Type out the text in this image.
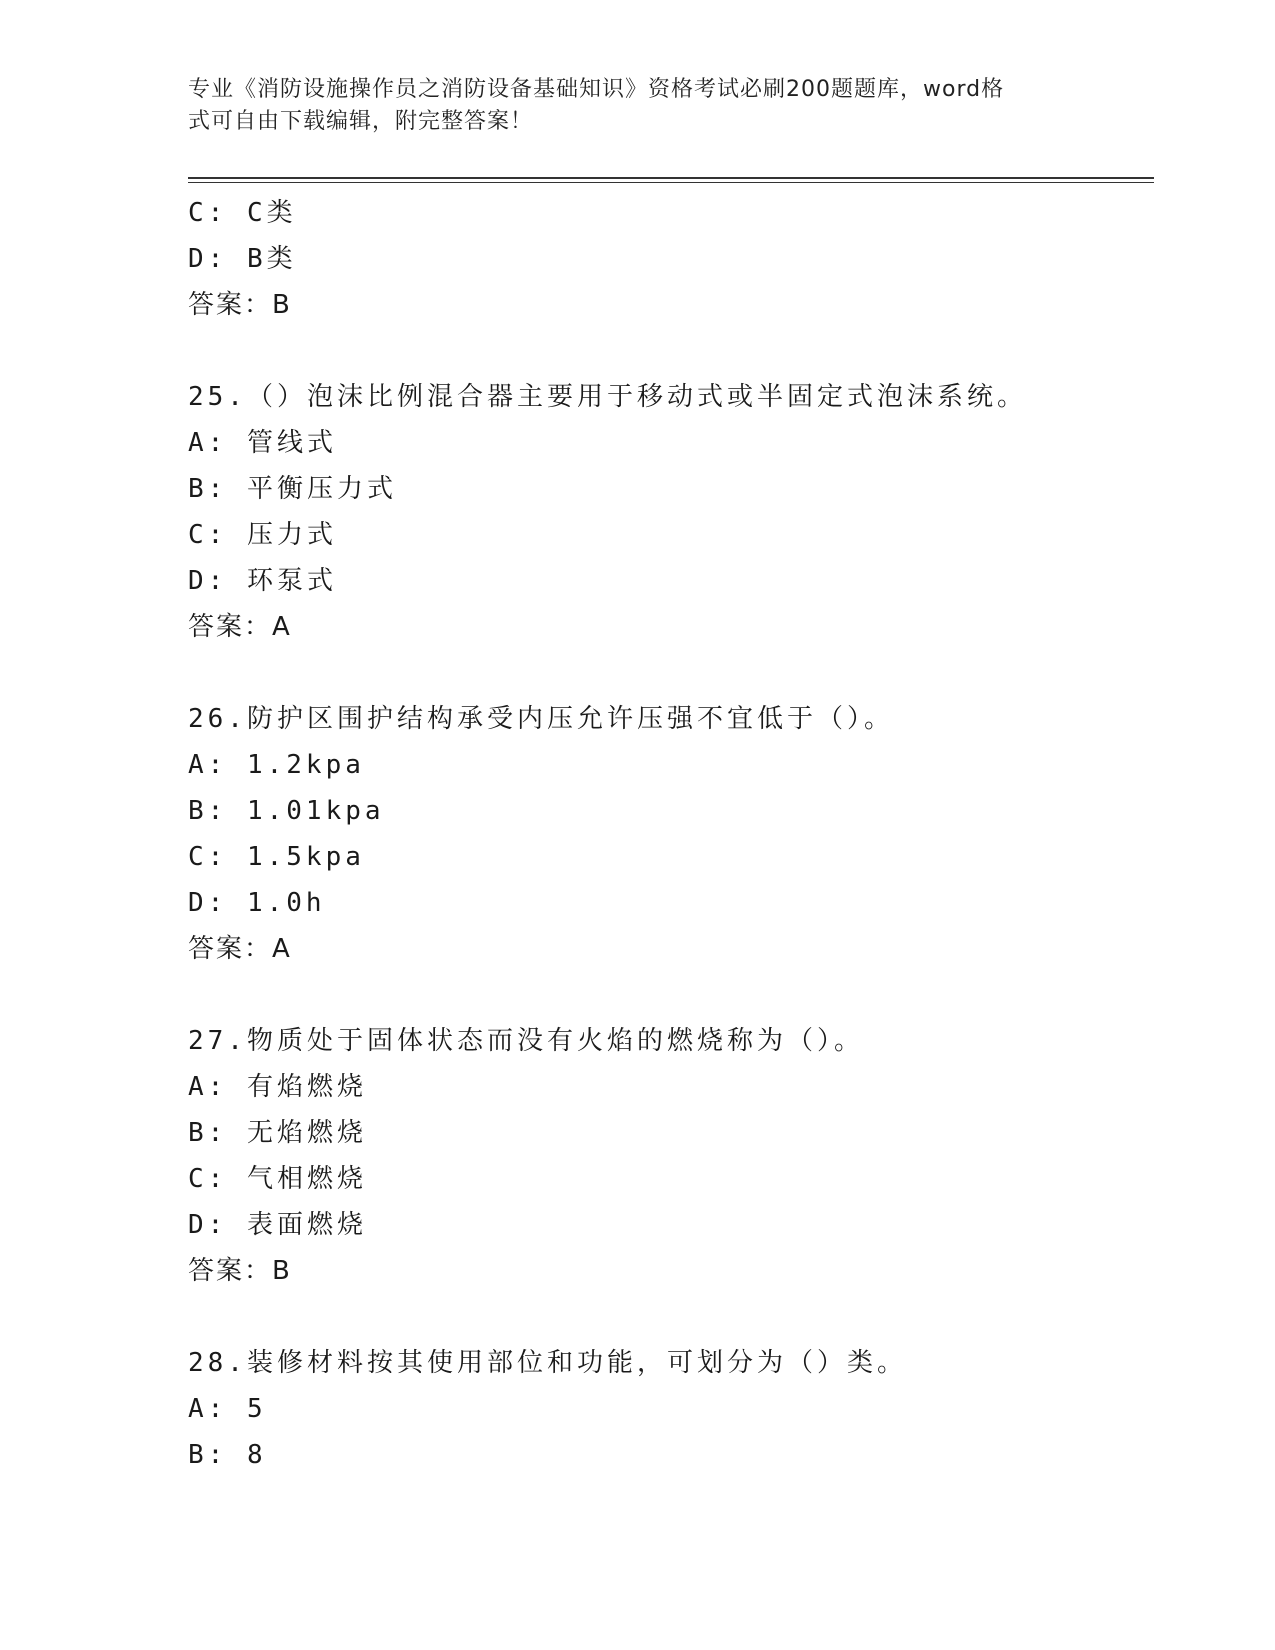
专业《消防设施操作员之消防设备基础知识》资格考试必刷200题题库，word格
式可自由下载编辑，附完整答案！
C: C类
D: B类
答案：B
25.（）泡沫比例混合器主要用于移动式或半固定式泡沫系统。
A: 管线式
B: 平衡压力式
C: 压力式
D: 环泵式
答案：A
26.防护区围护结构承受内压允许压强不宜低于（）。
A: 1.2kpa
B: 1.01kpa
C: 1.5kpa
D: 1.0h
答案：A
27.物质处于固体状态而没有火焰的燃烧称为（）。
A: 有焰燃烧
B: 无焰燃烧
C: 气相燃烧
D: 表面燃烧
答案：B
28.装修材料按其使用部位和功能，可划分为（）类。
A: 5
B: 8
